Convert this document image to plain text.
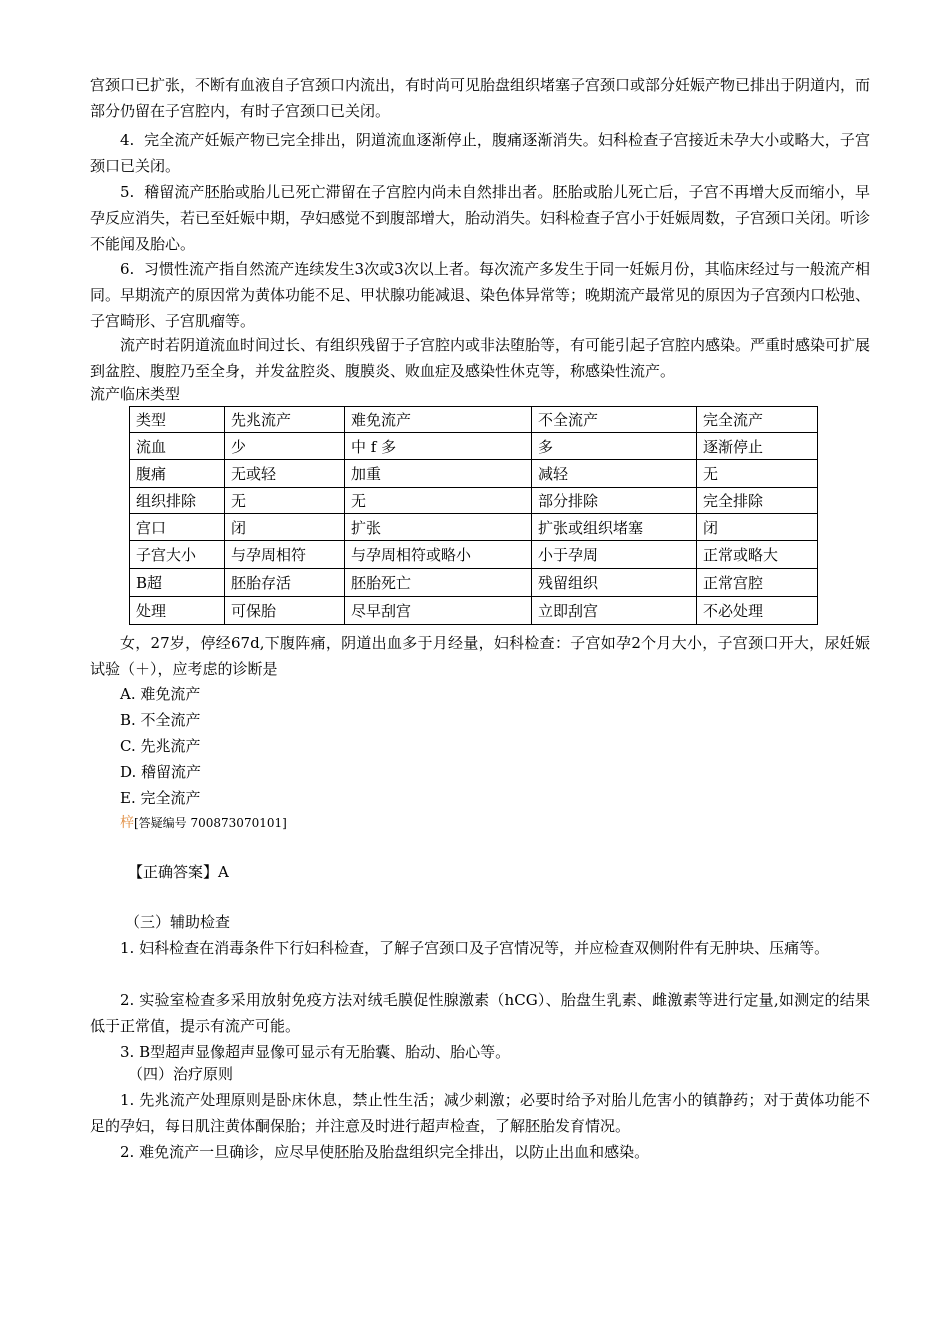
宫颈口已扩张，不断有血液自子宫颈口内流出，有时尚可见胎盘组织堵塞子宫颈口或部分妊娠产物已排出于阴道内，而部分仍留在子宫腔内，有时子宫颈口已关闭。

4.  完全流产妊娠产物已完全排出，阴道流血逐渐停止，腹痛逐渐消失。妇科检查子宫接近未孕大小或略大，子宫颈口已关闭。

5.  稽留流产胚胎或胎儿已死亡滞留在子宫腔内尚未自然排出者。胚胎或胎儿死亡后，子宫不再增大反而缩小，早孕反应消失，若已至妊娠中期，孕妇感觉不到腹部增大，胎动消失。妇科检查子宫小于妊娠周数，子宫颈口关闭。听诊不能闻及胎心。

6.  习惯性流产指自然流产连续发生3次或3次以上者。每次流产多发生于同一妊娠月份，其临床经过与一般流产相同。早期流产的原因常为黄体功能不足、甲状腺功能减退、染色体异常等；晚期流产最常见的原因为子宫颈内口松弛、子宫畸形、子宫肌瘤等。

流产时若阴道流血时间过长、有组织残留于子宫腔内或非法堕胎等，有可能引起子宫腔内感染。严重时感染可扩展到盆腔、腹腔乃至全身，并发盆腔炎、腹膜炎、败血症及感染性休克等，称感染性流产。

流产临床类型

类型	先兆流产	难免流产	不全流产	完全流产
流血	少	中 f 多	多	逐渐停止
腹痛	无或轻	加重	减轻	无
组织排除	无	无	部分排除	完全排除
宫口	闭	扩张	扩张或组织堵塞	闭
子宫大小	与孕周相符	与孕周相符或略小	小于孕周	正常或略大
B超	胚胎存活	胚胎死亡	残留组织	正常宫腔
处理	可保胎	尽早刮宫	立即刮宫	不必处理

女，27岁，停经67d,下腹阵痛，阴道出血多于月经量，妇科检查：子宫如孕2个月大小，子宫颈口开大，尿妊娠试验（＋），应考虑的诊断是

A. 难免流产

B. 不全流产

C. 先兆流产

D. 稽留流产

E. 完全流产

梓[答疑编号 700873070101]

【正确答案】A

（三）辅助检查

1. 妇科检查在消毒条件下行妇科检查，了解子宫颈口及子宫情况等，并应检查双侧附件有无肿块、压痛等。

2. 实验室检查多采用放射免疫方法对绒毛膜促性腺激素（hCG）、胎盘生乳素、雌激素等进行定量,如测定的结果低于正常值，提示有流产可能。

3. B型超声显像超声显像可显示有无胎囊、胎动、胎心等。

（四）治疗原则

1. 先兆流产处理原则是卧床休息，禁止性生活；减少刺激；必要时给予对胎儿危害小的镇静药；对于黄体功能不足的孕妇，每日肌注黄体酮保胎；并注意及时进行超声检查，了解胚胎发育情况。

2. 难免流产一旦确诊，应尽早使胚胎及胎盘组织完全排出，以防止出血和感染。
